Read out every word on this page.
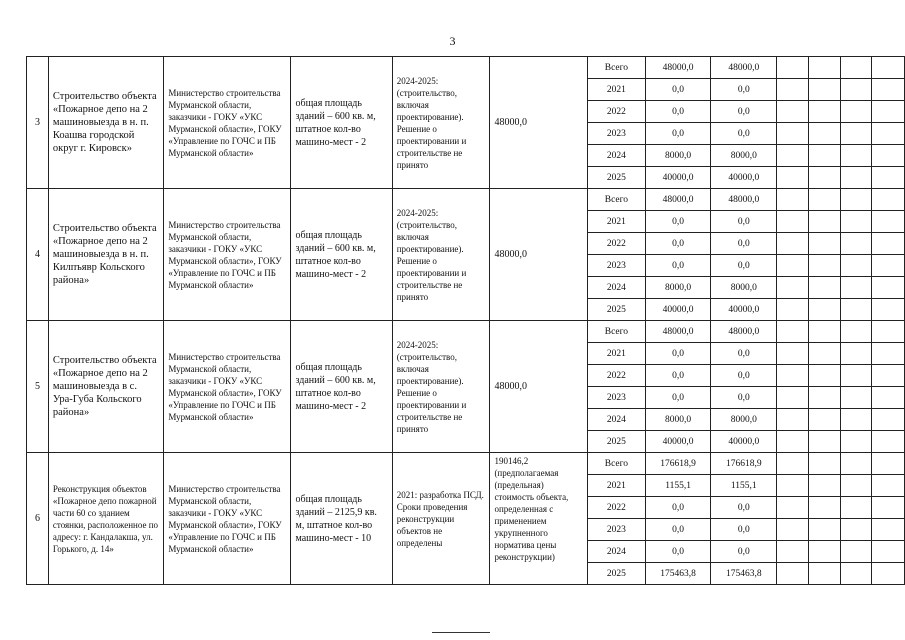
3
3	Строительство объекта «Пожарное депо на 2 машиновыезда в н. п. Коашва городской округ г. Кировск»	Министерство строительства Мурманской области, заказчики - ГОКУ «УКС Мурманской области», ГОКУ «Управление по ГОЧС и ПБ Мурманской области»	общая площадь зданий – 600 кв. м, штатное кол-во машино-мест - 2	2024-2025: (строительство, включая проектирование). Решение о проектировании и строительстве не принято	48000,0	Всего	48000,0	48000,0				
						2021	0,0	0,0				
						2022	0,0	0,0				
						2023	0,0	0,0				
						2024	8000,0	8000,0				
						2025	40000,0	40000,0				
4	Строительство объекта «Пожарное депо на 2 машиновыезда в н. п. Килпъявр Кольского района»	Министерство строительства Мурманской области, заказчики - ГОКУ «УКС Мурманской области», ГОКУ «Управление по ГОЧС и ПБ Мурманской области»	общая площадь зданий – 600 кв. м, штатное кол-во машино-мест - 2	2024-2025: (строительство, включая проектирование). Решение о проектировании и строительстве не принято	48000,0	Всего	48000,0	48000,0				
						2021	0,0	0,0				
						2022	0,0	0,0				
						2023	0,0	0,0				
						2024	8000,0	8000,0				
						2025	40000,0	40000,0				
5	Строительство объекта «Пожарное депо на 2 машиновыезда в с. Ура-Губа Кольского района»	Министерство строительства Мурманской области, заказчики - ГОКУ «УКС Мурманской области», ГОКУ «Управление по ГОЧС и ПБ Мурманской области»	общая площадь зданий – 600 кв. м, штатное кол-во машино-мест - 2	2024-2025: (строительство, включая проектирование). Решение о проектировании и строительстве не принято	48000,0	Всего	48000,0	48000,0				
						2021	0,0	0,0				
						2022	0,0	0,0				
						2023	0,0	0,0				
						2024	8000,0	8000,0				
						2025	40000,0	40000,0				
6	Реконструкция объектов «Пожарное депо пожарной части 60 со зданием стоянки, расположенное по адресу: г. Кандалакша, ул. Горького, д. 14»	Министерство строительства Мурманской области, заказчики - ГОКУ «УКС Мурманской области», ГОКУ «Управление по ГОЧС и ПБ Мурманской области»	общая площадь зданий – 2125,9 кв. м, штатное кол-во машино-мест - 10	2021: разработка ПСД. Сроки проведения реконструкции объектов не определены	190146,2 (предполагаемая (предельная) стоимость объекта, определенная с применением укрупненного норматива цены реконструкции)	Всего	176618,9	176618,9				
						2021	1155,1	1155,1				
						2022	0,0	0,0				
						2023	0,0	0,0				
						2024	0,0	0,0				
						2025	175463,8	175463,8				
